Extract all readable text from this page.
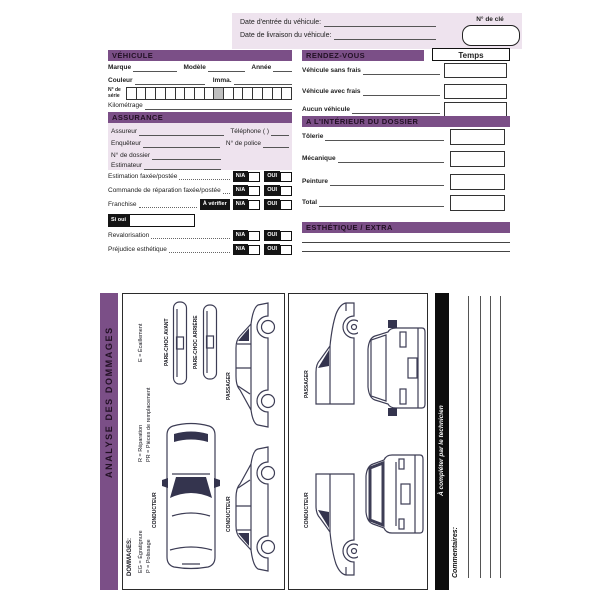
Date d'entrée du véhicule:
Date de livraison du véhicule:
N° de clé
VÉHICULE
Marque	Modèle	Année
Couleur	Imma.
N° de série
Kilométrage
ASSURANCE
Assureur	Téléphone ( )
Enquêteur	N° de police
N° de dossier
Estimateur
Estimation faxée/postée	N/A	OUI
Commande de réparation faxée/postée	N/A	OUI
Franchise	À vérifier	N/A	OUI
Si oui
Revalorisation	N/A	OUI
Préjudice esthétique	N/A	OUI
RENDEZ-VOUS	Temps
Véhicule sans frais
Véhicule avec frais
Aucun véhicule
A L'INTÉRIEUR DU DOSSIER
Tôlerie
Mécanique
Peinture
Total
ESTHÉTIQUE / EXTRA
ANALYSE DES DOMMAGES
DOMMAGES: EG = Égratignure
R = Réparation
E = Écaillement
P = Polissage
PR = Pièces de remplacement
PARE-CHOC AVANT	PARE-CHOC ARRIÈRE
CONDUCTEUR
PASSAGER
CONDUCTEUR
PASSAGER
CONDUCTEUR
À compléter par le technicien
Commentaires:
